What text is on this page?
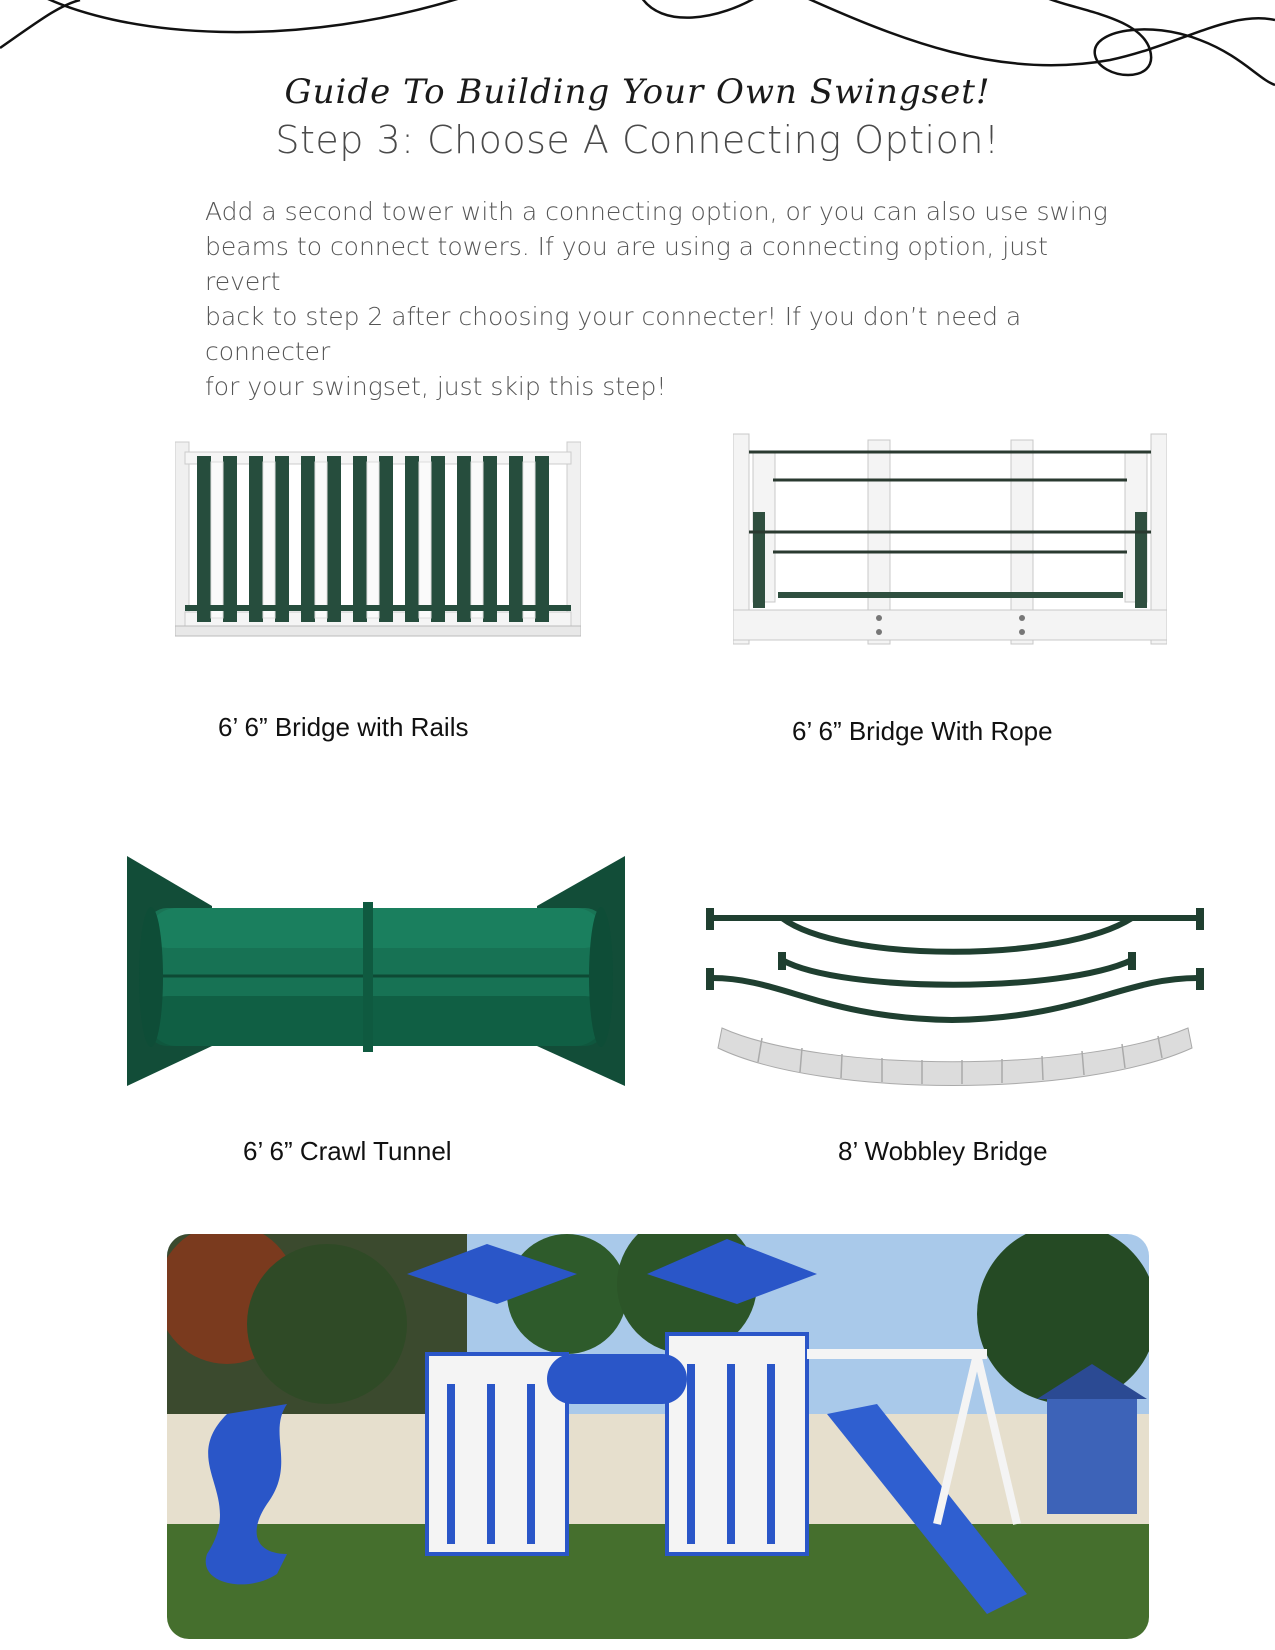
Guide To Building Your Own Swingset!
Step 3: Choose A Connecting Option!
Add a second tower with a connecting option, or you can also use swing
beams to connect towers. If you are using a connecting option, just revert
back to step 2 after choosing your connecter! If you don’t need a connecter
for your swingset, just skip this step!
6’ 6” Bridge with Rails	6’ 6” Bridge With Rope
6’ 6” Crawl Tunnel	8’ Wobbley Bridge
